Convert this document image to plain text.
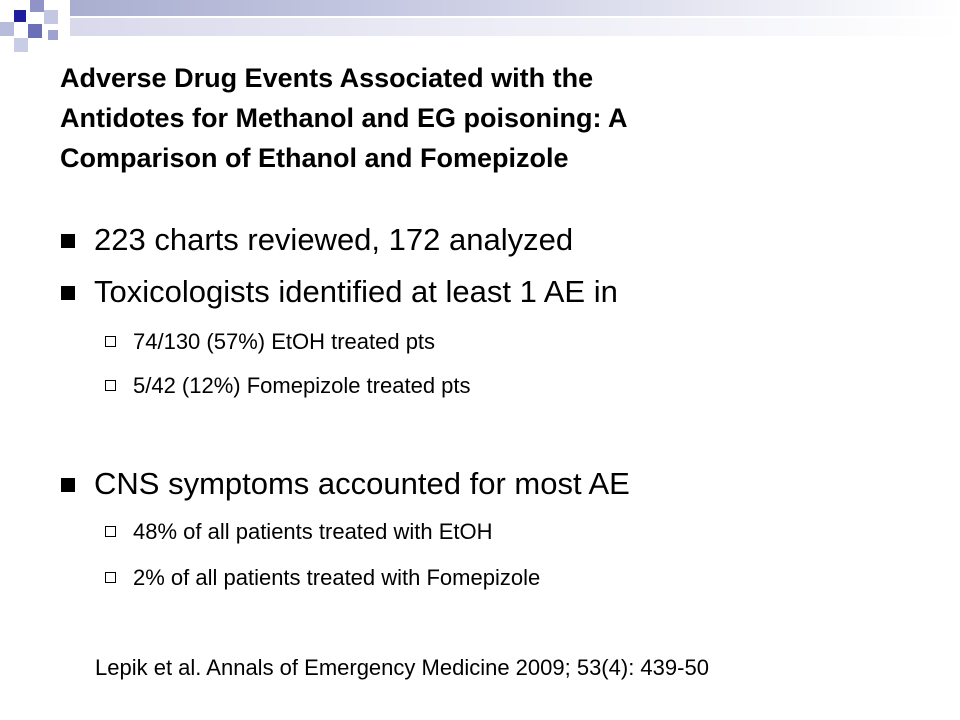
Adverse Drug Events Associated with the
Antidotes for Methanol and EG poisoning: A
Comparison of Ethanol and Fomepizole
223 charts reviewed, 172 analyzed
Toxicologists identified at least 1 AE in
74/130 (57%) EtOH treated pts
5/42 (12%) Fomepizole treated pts
CNS symptoms accounted for most AE
48% of all patients treated with EtOH
2% of all patients treated with Fomepizole

Lepik et al. Annals of Emergency Medicine 2009; 53(4): 439-50
